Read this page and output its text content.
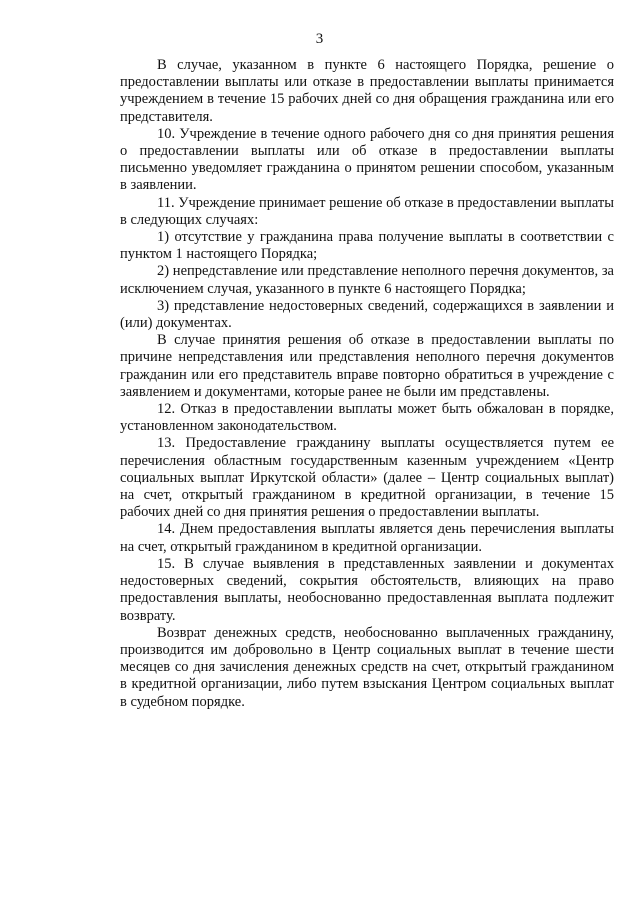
3

В случае, указанном в пункте 6 настоящего Порядка, решение о предоставлении выплаты или отказе в предоставлении выплаты принимается учреждением в течение 15 рабочих дней со дня обращения гражданина или его представителя.

10. Учреждение в течение одного рабочего дня со дня принятия решения о предоставлении выплаты или об отказе в предоставлении выплаты письменно уведомляет гражданина о принятом решении способом, указанным в заявлении.

11. Учреждение принимает решение об отказе в предоставлении выплаты в следующих случаях:

1) отсутствие у гражданина права получение выплаты в соответствии с пунктом 1 настоящего Порядка;

2) непредставление или представление неполного перечня документов, за исключением случая, указанного в пункте 6 настоящего Порядка;

3) представление недостоверных сведений, содержащихся в заявлении и (или) документах.

В случае принятия решения об отказе в предоставлении выплаты по причине непредставления или представления неполного перечня документов гражданин или его представитель вправе повторно обратиться в учреждение с заявлением и документами, которые ранее не были им представлены.

12. Отказ в предоставлении выплаты может быть обжалован в порядке, установленном законодательством.

13. Предоставление гражданину выплаты осуществляется путем ее перечисления областным государственным казенным учреждением «Центр социальных выплат Иркутской области» (далее – Центр социальных выплат) на счет, открытый гражданином в кредитной организации, в течение 15 рабочих дней со дня принятия решения о предоставлении выплаты.

14. Днем предоставления выплаты является день перечисления выплаты на счет, открытый гражданином в кредитной организации.

15. В случае выявления в представленных заявлении и документах недостоверных сведений, сокрытия обстоятельств, влияющих на право предоставления выплаты, необоснованно предоставленная выплата подлежит возврату.

Возврат денежных средств, необоснованно выплаченных гражданину, производится им добровольно в Центр социальных выплат в течение шести месяцев со дня зачисления денежных средств на счет, открытый гражданином в кредитной организации, либо путем взыскания Центром социальных выплат в судебном порядке.
